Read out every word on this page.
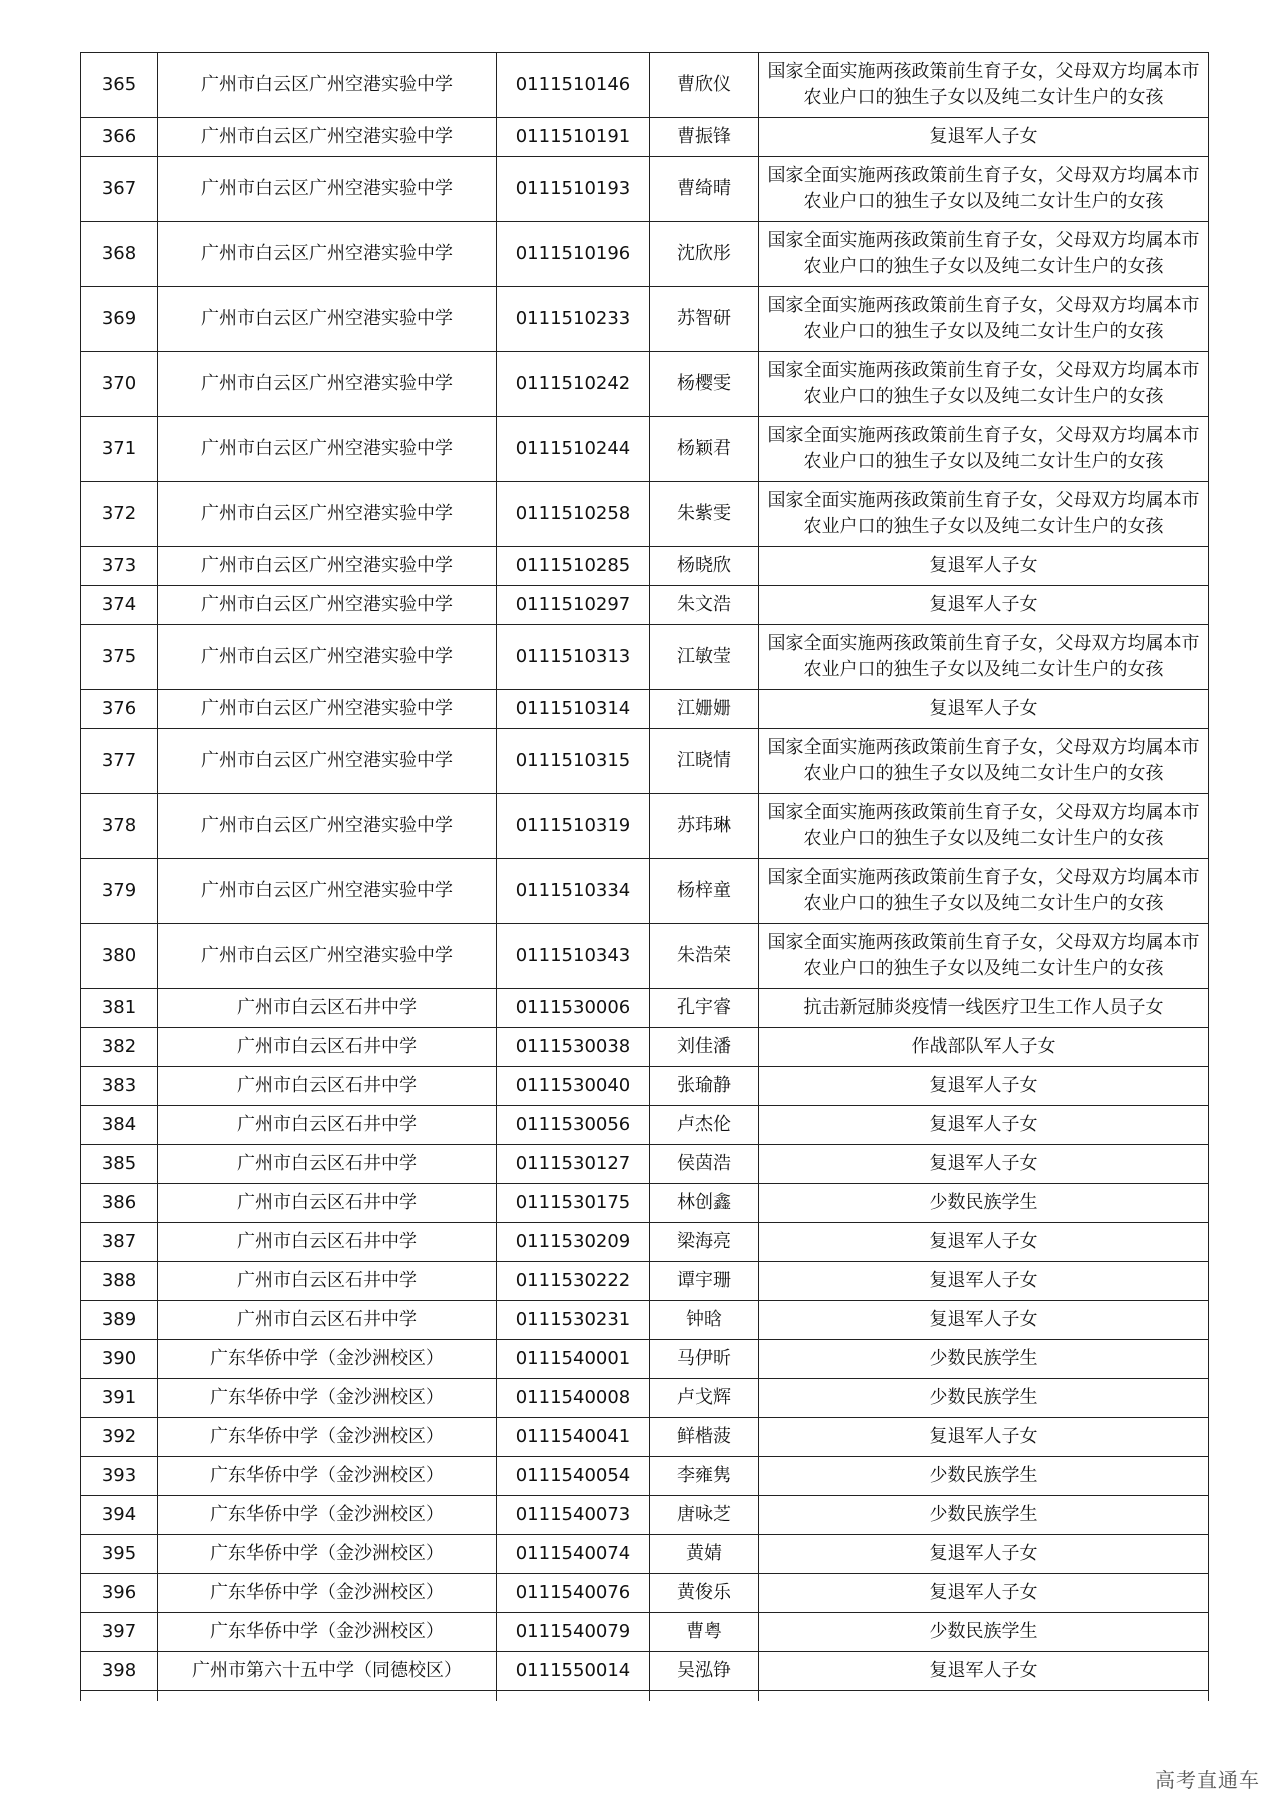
365	广州市白云区广州空港实验中学	0111510146	曹欣仪	国家全面实施两孩政策前生育子女，父母双方均属本市农业户口的独生子女以及纯二女计生户的女孩
366	广州市白云区广州空港实验中学	0111510191	曹振锋	复退军人子女
367	广州市白云区广州空港实验中学	0111510193	曹绮晴	国家全面实施两孩政策前生育子女，父母双方均属本市农业户口的独生子女以及纯二女计生户的女孩
368	广州市白云区广州空港实验中学	0111510196	沈欣彤	国家全面实施两孩政策前生育子女，父母双方均属本市农业户口的独生子女以及纯二女计生户的女孩
369	广州市白云区广州空港实验中学	0111510233	苏智研	国家全面实施两孩政策前生育子女，父母双方均属本市农业户口的独生子女以及纯二女计生户的女孩
370	广州市白云区广州空港实验中学	0111510242	杨樱雯	国家全面实施两孩政策前生育子女，父母双方均属本市农业户口的独生子女以及纯二女计生户的女孩
371	广州市白云区广州空港实验中学	0111510244	杨颖君	国家全面实施两孩政策前生育子女，父母双方均属本市农业户口的独生子女以及纯二女计生户的女孩
372	广州市白云区广州空港实验中学	0111510258	朱紫雯	国家全面实施两孩政策前生育子女，父母双方均属本市农业户口的独生子女以及纯二女计生户的女孩
373	广州市白云区广州空港实验中学	0111510285	杨晓欣	复退军人子女
374	广州市白云区广州空港实验中学	0111510297	朱文浩	复退军人子女
375	广州市白云区广州空港实验中学	0111510313	江敏莹	国家全面实施两孩政策前生育子女，父母双方均属本市农业户口的独生子女以及纯二女计生户的女孩
376	广州市白云区广州空港实验中学	0111510314	江姗姗	复退军人子女
377	广州市白云区广州空港实验中学	0111510315	江晓情	国家全面实施两孩政策前生育子女，父母双方均属本市农业户口的独生子女以及纯二女计生户的女孩
378	广州市白云区广州空港实验中学	0111510319	苏玮琳	国家全面实施两孩政策前生育子女，父母双方均属本市农业户口的独生子女以及纯二女计生户的女孩
379	广州市白云区广州空港实验中学	0111510334	杨梓童	国家全面实施两孩政策前生育子女，父母双方均属本市农业户口的独生子女以及纯二女计生户的女孩
380	广州市白云区广州空港实验中学	0111510343	朱浩荣	国家全面实施两孩政策前生育子女，父母双方均属本市农业户口的独生子女以及纯二女计生户的女孩
381	广州市白云区石井中学	0111530006	孔宇睿	抗击新冠肺炎疫情一线医疗卫生工作人员子女
382	广州市白云区石井中学	0111530038	刘佳潘	作战部队军人子女
383	广州市白云区石井中学	0111530040	张瑜静	复退军人子女
384	广州市白云区石井中学	0111530056	卢杰伦	复退军人子女
385	广州市白云区石井中学	0111530127	侯茵浩	复退军人子女
386	广州市白云区石井中学	0111530175	林创鑫	少数民族学生
387	广州市白云区石井中学	0111530209	梁海亮	复退军人子女
388	广州市白云区石井中学	0111530222	谭宇珊	复退军人子女
389	广州市白云区石井中学	0111530231	钟晗	复退军人子女
390	广东华侨中学（金沙洲校区）	0111540001	马伊昕	少数民族学生
391	广东华侨中学（金沙洲校区）	0111540008	卢戈辉	少数民族学生
392	广东华侨中学（金沙洲校区）	0111540041	鲜楷菠	复退军人子女
393	广东华侨中学（金沙洲校区）	0111540054	李雍隽	少数民族学生
394	广东华侨中学（金沙洲校区）	0111540073	唐咏芝	少数民族学生
395	广东华侨中学（金沙洲校区）	0111540074	黄婧	复退军人子女
396	广东华侨中学（金沙洲校区）	0111540076	黄俊乐	复退军人子女
397	广东华侨中学（金沙洲校区）	0111540079	曹粤	少数民族学生
398	广州市第六十五中学（同德校区）	0111550014	吴泓铮	复退军人子女

高考直通车
